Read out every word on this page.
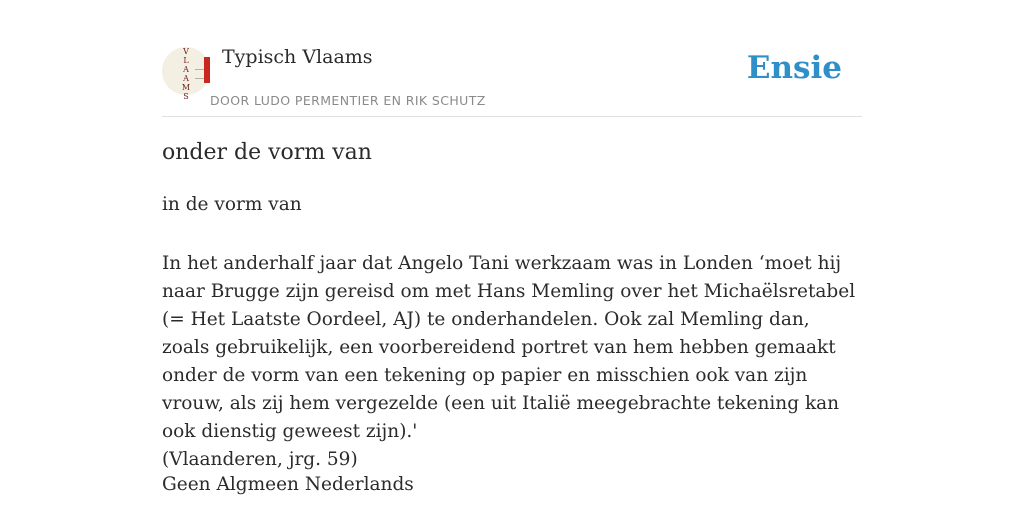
V
L
A
A
M
S
Typisch Vlaams
DOOR LUDO PERMENTIER EN RIK SCHUTZ
Ensie
onder de vorm van
in de vorm van

In het anderhalf jaar dat Angelo Tani werkzaam was in Londen ‘moet hij naar Brugge zijn gereisd om met Hans Memling over het Michaëlsretabel (= Het Laatste Oordeel, AJ) te onderhandelen. Ook zal Memling dan, zoals gebruikelijk, een voorbereidend portret van hem hebben gemaakt onder de vorm van een tekening op papier en misschien ook van zijn vrouw, als zij hem vergezelde (een uit Italië meegebrachte tekening kan ook dienstig geweest zijn).'

(Vlaanderen, jrg. 59)

Geen Algmeen Nederlands
